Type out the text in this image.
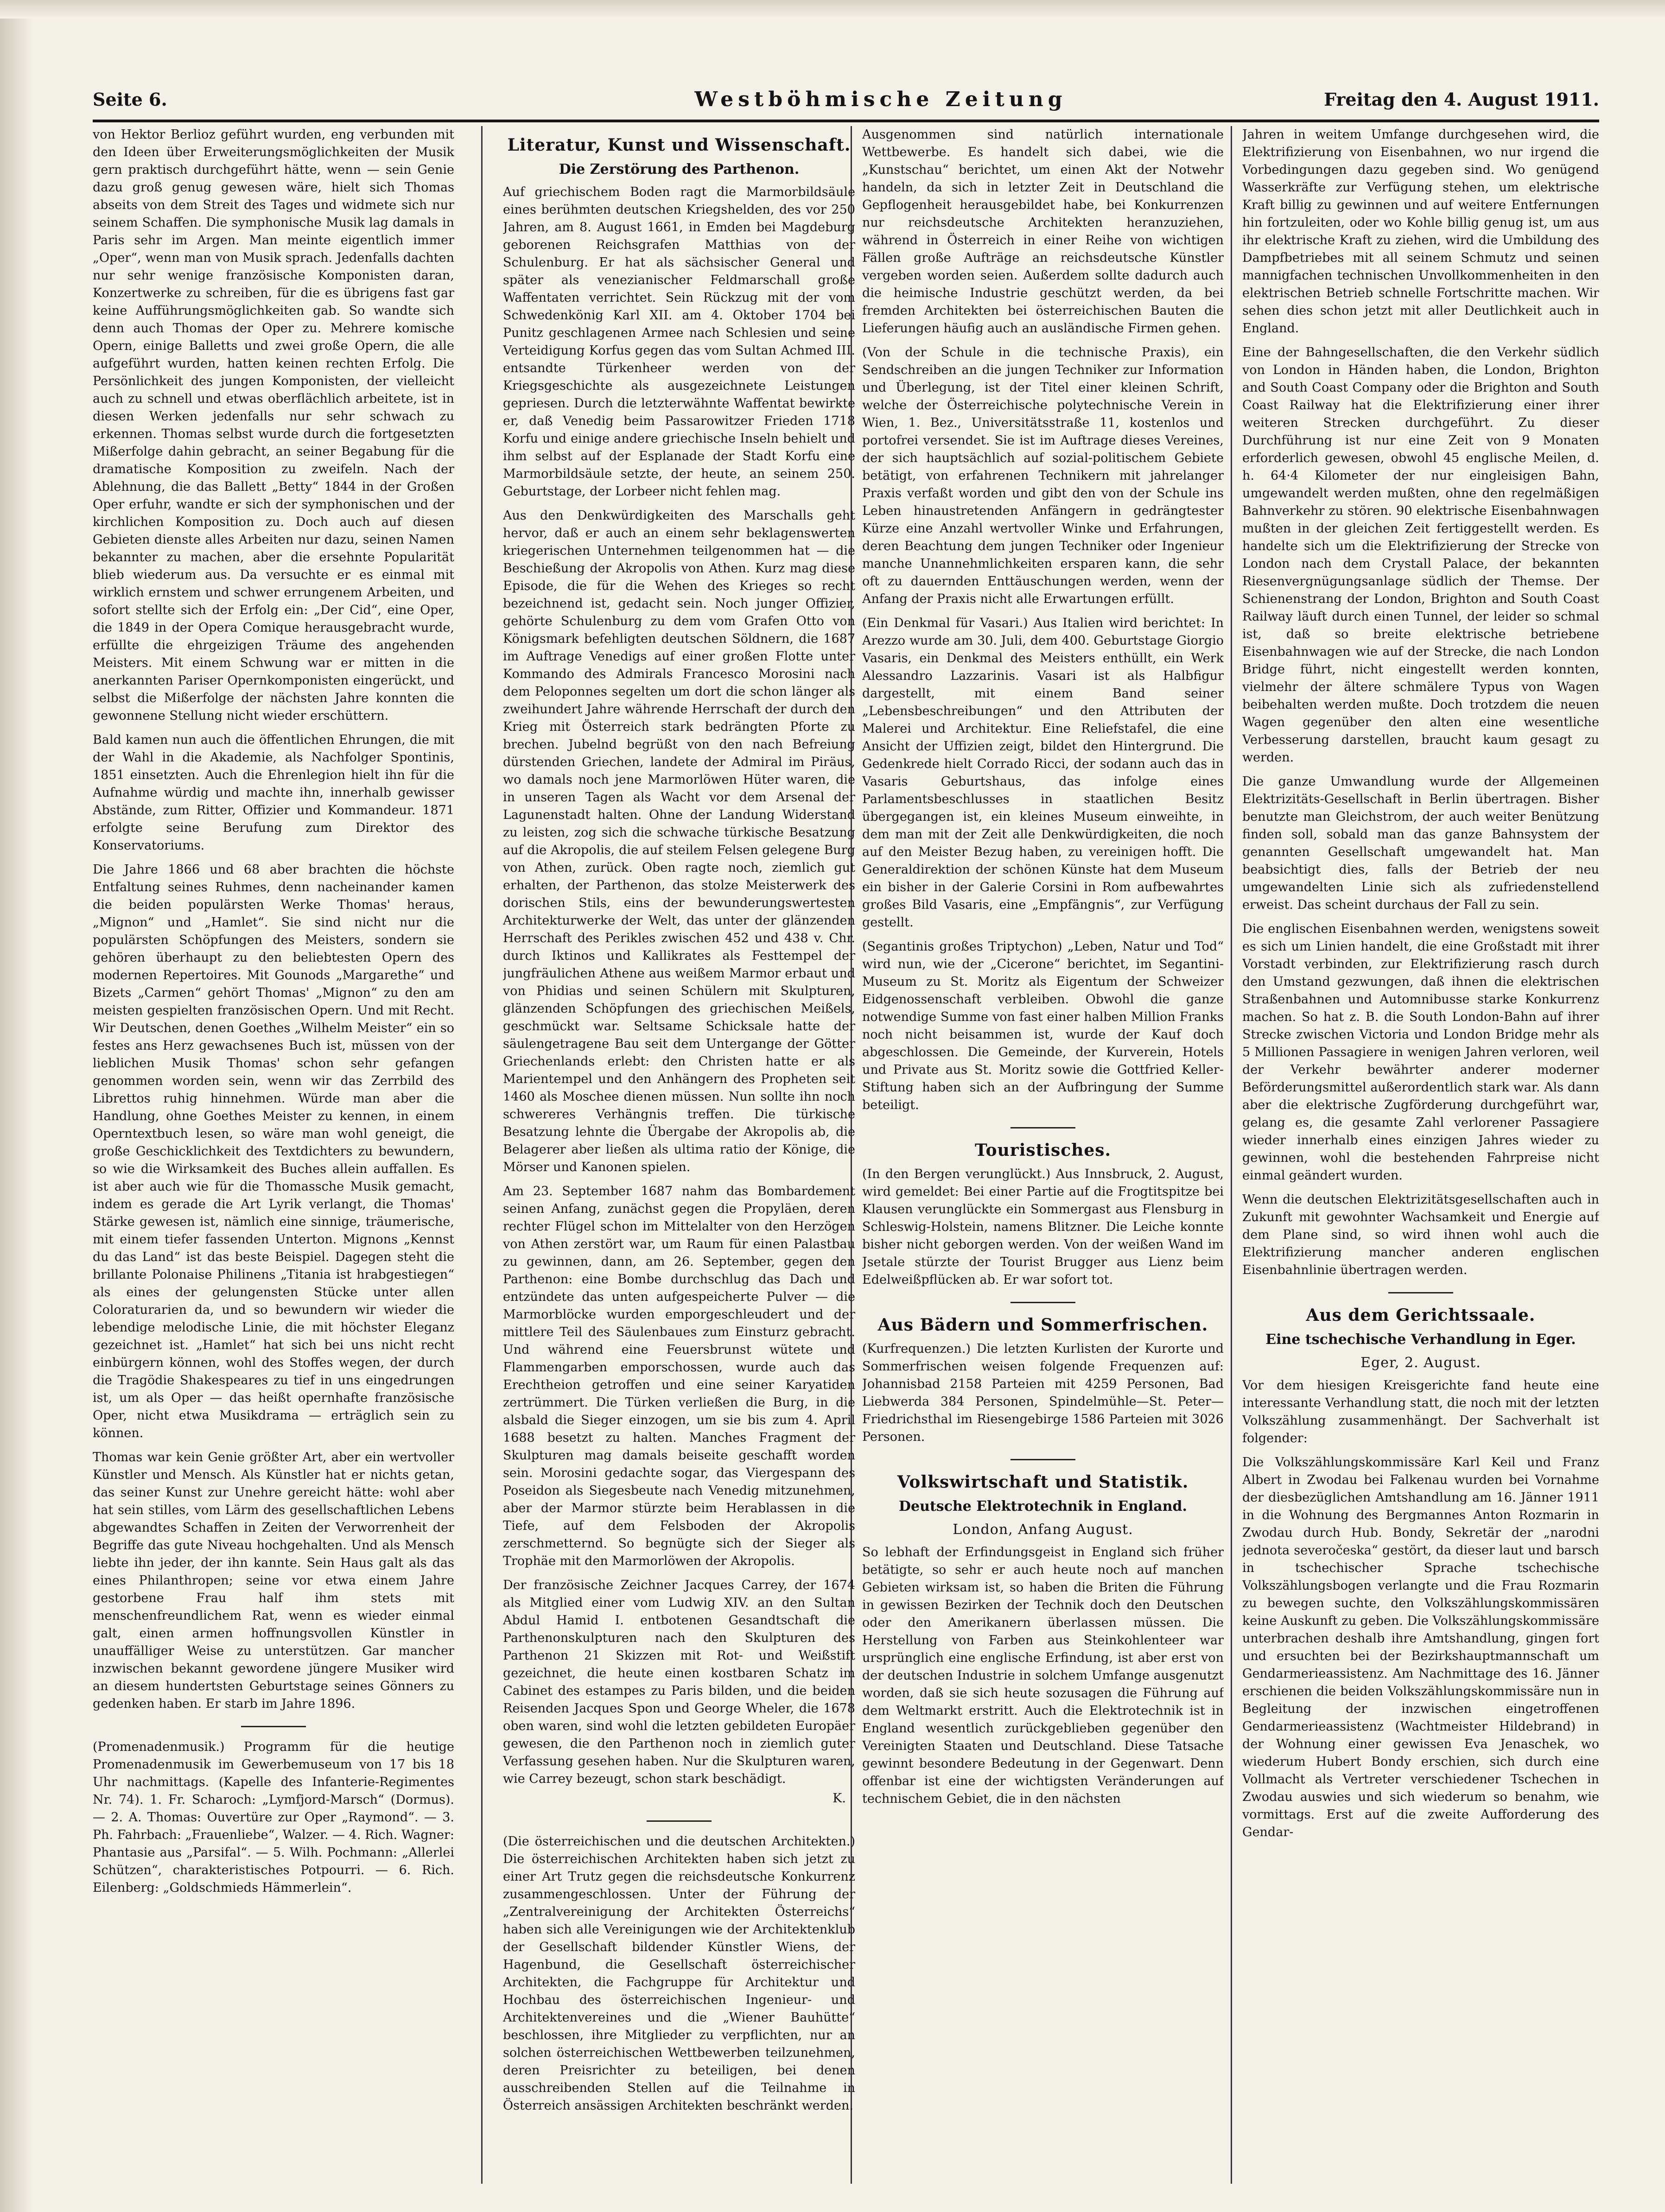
Seite 6.	Westböhmische Zeitung	Freitag den 4. August 1911.

von Hektor Berlioz geführt wurden, eng verbunden mit den Ideen über Erweiterungsmöglichkeiten der Musik gern praktisch durchgeführt hätte, wenn — sein Genie dazu groß genug gewesen wäre, hielt sich Thomas abseits von dem Streit des Tages und widmete sich nur seinem Schaffen. Die symphonische Musik lag damals in Paris sehr im Argen. Man meinte eigentlich immer „Oper“, wenn man von Musik sprach. Jedenfalls dachten nur sehr wenige französische Komponisten daran, Konzertwerke zu schreiben, für die es übrigens fast gar keine Aufführungsmöglichkeiten gab. So wandte sich denn auch Thomas der Oper zu. Mehrere komische Opern, einige Balletts und zwei große Opern, die alle aufgeführt wurden, hatten keinen rechten Erfolg. Die Persönlichkeit des jungen Komponisten, der vielleicht auch zu schnell und etwas oberflächlich arbeitete, ist in diesen Werken jedenfalls nur sehr schwach zu erkennen. Thomas selbst wurde durch die fortgesetzten Mißerfolge dahin gebracht, an seiner Begabung für die dramatische Komposition zu zweifeln. Nach der Ablehnung, die das Ballett „Betty“ 1844 in der Großen Oper erfuhr, wandte er sich der symphonischen und der kirchlichen Komposition zu. Doch auch auf diesen Gebieten dienste alles Arbeiten nur dazu, seinen Namen bekannter zu machen, aber die ersehnte Popularität blieb wiederum aus. Da versuchte er es einmal mit wirklich ernstem und schwer errungenem Arbeiten, und sofort stellte sich der Erfolg ein: „Der Cid“, eine Oper, die 1849 in der Opera Comique herausgebracht wurde, erfüllte die ehrgeizigen Träume des angehenden Meisters. Mit einem Schwung war er mitten in die anerkannten Pariser Opernkomponisten eingerückt, und selbst die Mißerfolge der nächsten Jahre konnten die gewonnene Stellung nicht wieder erschüttern.

Bald kamen nun auch die öffentlichen Ehrungen, die mit der Wahl in die Akademie, als Nachfolger Spontinis, 1851 einsetzten. Auch die Ehrenlegion hielt ihn für die Aufnahme würdig und machte ihn, innerhalb gewisser Abstände, zum Ritter, Offizier und Kommandeur. 1871 erfolgte seine Berufung zum Direktor des Konservatoriums.

Die Jahre 1866 und 68 aber brachten die höchste Entfaltung seines Ruhmes, denn nacheinander kamen die beiden populärsten Werke Thomas' heraus, „Mignon“ und „Hamlet“. Sie sind nicht nur die populärsten Schöpfungen des Meisters, sondern sie gehören überhaupt zu den beliebtesten Opern des modernen Repertoires. Mit Gounods „Margarethe“ und Bizets „Carmen“ gehört Thomas' „Mignon“ zu den am meisten gespielten französischen Opern. Und mit Recht. Wir Deutschen, denen Goethes „Wilhelm Meister“ ein so festes ans Herz gewachsenes Buch ist, müssen von der lieblichen Musik Thomas' schon sehr gefangen genommen worden sein, wenn wir das Zerrbild des Librettos ruhig hinnehmen. Würde man aber die Handlung, ohne Goethes Meister zu kennen, in einem Operntextbuch lesen, so wäre man wohl geneigt, die große Geschicklichkeit des Textdichters zu bewundern, so wie die Wirksamkeit des Buches allein auffallen. Es ist aber auch wie für die Thomassche Musik gemacht, indem es gerade die Art Lyrik verlangt, die Thomas' Stärke gewesen ist, nämlich eine sinnige, träumerische, mit einem tiefer fassenden Unterton. Mignons „Kennst du das Land“ ist das beste Beispiel. Dagegen steht die brillante Polonaise Philinens „Titania ist hrabgestiegen“ als eines der gelungensten Stücke unter allen Coloraturarien da, und so bewundern wir wieder die lebendige melodische Linie, die mit höchster Eleganz gezeichnet ist. „Hamlet“ hat sich bei uns nicht recht einbürgern können, wohl des Stoffes wegen, der durch die Tragödie Shakespeares zu tief in uns eingedrungen ist, um als Oper — das heißt opernhafte französische Oper, nicht etwa Musikdrama — erträglich sein zu können.

Thomas war kein Genie größter Art, aber ein wertvoller Künstler und Mensch. Als Künstler hat er nichts getan, das seiner Kunst zur Unehre gereicht hätte: wohl aber hat sein stilles, vom Lärm des gesellschaftlichen Lebens abgewandtes Schaffen in Zeiten der Verworrenheit der Begriffe das gute Niveau hochgehalten. Und als Mensch liebte ihn jeder, der ihn kannte. Sein Haus galt als das eines Philanthropen; seine vor etwa einem Jahre gestorbene Frau half ihm stets mit menschenfreundlichem Rat, wenn es wieder einmal galt, einen armen hoffnungsvollen Künstler in unauffälliger Weise zu unterstützen. Gar mancher inzwischen bekannt gewordene jüngere Musiker wird an diesem hundertsten Geburtstage seines Gönners zu gedenken haben. Er starb im Jahre 1896.

(Promenadenmusik.) Programm für die heutige Promenadenmusik im Gewerbemuseum von 17 bis 18 Uhr nachmittags. (Kapelle des Infanterie-Regimentes Nr. 74). 1. Fr. Scharoch: „Lymfjord-Marsch“ (Dormus). — 2. A. Thomas: Ouvertüre zur Oper „Raymond“. — 3. Ph. Fahrbach: „Frauenliebe“, Walzer. — 4. Rich. Wagner: Phantasie aus „Parsifal“. — 5. Wilh. Pochmann: „Allerlei Schützen“, charakteristisches Potpourri. — 6. Rich. Eilenberg: „Goldschmieds Hämmerlein“.

Literatur, Kunst und Wissenschaft.
Die Zerstörung des Parthenon.

Auf griechischem Boden ragt die Marmorbildsäule eines berühmten deutschen Kriegshelden, des vor 250 Jahren, am 8. August 1661, in Emden bei Magdeburg geborenen Reichsgrafen Matthias von der Schulenburg. Er hat als sächsischer General und später als venezianischer Feldmarschall große Waffentaten verrichtet. Sein Rückzug mit der vom Schwedenkönig Karl XII. am 4. Oktober 1704 bei Punitz geschlagenen Armee nach Schlesien und seine Verteidigung Korfus gegen das vom Sultan Achmed III. entsandte Türkenheer werden von der Kriegsgeschichte als ausgezeichnete Leistungen gepriesen. Durch die letzterwähnte Waffentat bewirkte er, daß Venedig beim Passarowitzer Frieden 1718 Korfu und einige andere griechische Inseln behielt und ihm selbst auf der Esplanade der Stadt Korfu eine Marmorbildsäule setzte, der heute, an seinem 250. Geburtstage, der Lorbeer nicht fehlen mag.

Aus den Denkwürdigkeiten des Marschalls geht hervor, daß er auch an einem sehr beklagenswerten kriegerischen Unternehmen teilgenommen hat — die Beschießung der Akropolis von Athen. Kurz mag diese Episode, die für die Wehen des Krieges so recht bezeichnend ist, gedacht sein. Noch junger Offizier, gehörte Schulenburg zu dem vom Grafen Otto von Königsmark befehligten deutschen Söldnern, die 1687 im Auftrage Venedigs auf einer großen Flotte unter Kommando des Admirals Francesco Morosini nach dem Peloponnes segelten um dort die schon länger als zweihundert Jahre währende Herrschaft der durch den Krieg mit Österreich stark bedrängten Pforte zu brechen. Jubelnd begrüßt von den nach Befreiung dürstenden Griechen, landete der Admiral im Piräus, wo damals noch jene Marmorlöwen Hüter waren, die in unseren Tagen als Wacht vor dem Arsenal der Lagunenstadt halten. Ohne der Landung Widerstand zu leisten, zog sich die schwache türkische Besatzung auf die Akropolis, die auf steilem Felsen gelegene Burg von Athen, zurück. Oben ragte noch, ziemlich gut erhalten, der Parthenon, das stolze Meisterwerk des dorischen Stils, eins der bewunderungswertesten Architekturwerke der Welt, das unter der glänzenden Herrschaft des Perikles zwischen 452 und 438 v. Chr. durch Iktinos und Kallikrates als Festtempel der jungfräulichen Athene aus weißem Marmor erbaut und von Phidias und seinen Schülern mit Skulpturen, glänzenden Schöpfungen des griechischen Meißels, geschmückt war. Seltsame Schicksale hatte der säulengetragene Bau seit dem Untergange der Götter Griechenlands erlebt: den Christen hatte er als Marientempel und den Anhängern des Propheten seit 1460 als Moschee dienen müssen. Nun sollte ihn noch schwereres Verhängnis treffen. Die türkische Besatzung lehnte die Übergabe der Akropolis ab, die Belagerer aber ließen als ultima ratio der Könige, die Mörser und Kanonen spielen.

Am 23. September 1687 nahm das Bombardement seinen Anfang, zunächst gegen die Propyläen, deren rechter Flügel schon im Mittelalter von den Herzögen von Athen zerstört war, um Raum für einen Palastbau zu gewinnen, dann, am 26. September, gegen den Parthenon: eine Bombe durchschlug das Dach und entzündete das unten aufgespeicherte Pulver — die Marmorblöcke wurden emporgeschleudert und der mittlere Teil des Säulenbaues zum Einsturz gebracht. Und während eine Feuersbrunst wütete und Flammengarben emporschossen, wurde auch das Erechtheion getroffen und eine seiner Karyatiden zertrümmert. Die Türken verließen die Burg, in die alsbald die Sieger einzogen, um sie bis zum 4. April 1688 besetzt zu halten. Manches Fragment der Skulpturen mag damals beiseite geschafft worden sein. Morosini gedachte sogar, das Viergespann des Poseidon als Siegesbeute nach Venedig mitzunehmen, aber der Marmor stürzte beim Herablassen in die Tiefe, auf dem Felsboden der Akropolis zerschmetternd. So begnügte sich der Sieger als Trophäe mit den Marmorlöwen der Akropolis.

Der französische Zeichner Jacques Carrey, der 1674 als Mitglied einer vom Ludwig XIV. an den Sultan Abdul Hamid I. entbotenen Gesandtschaft die Parthenonskulpturen nach den Skulpturen des Parthenon 21 Skizzen mit Rot- und Weißstift gezeichnet, die heute einen kostbaren Schatz im Cabinet des estampes zu Paris bilden, und die beiden Reisenden Jacques Spon und George Wheler, die 1678 oben waren, sind wohl die letzten gebildeten Europäer gewesen, die den Parthenon noch in ziemlich guter Verfassung gesehen haben. Nur die Skulpturen waren, wie Carrey bezeugt, schon stark beschädigt.

K.

(Die österreichischen und die deutschen Architekten.) Die österreichischen Architekten haben sich jetzt zu einer Art Trutz gegen die reichsdeutsche Konkurrenz zusammengeschlossen. Unter der Führung der „Zentralvereinigung der Architekten Österreichs“ haben sich alle Vereinigungen wie der Architektenklub der Gesellschaft bildender Künstler Wiens, der Hagenbund, die Gesellschaft österreichischer Architekten, die Fachgruppe für Architektur und Hochbau des österreichischen Ingenieur- und Architektenvereines und die „Wiener Bauhütte“ beschlossen, ihre Mitglieder zu verpflichten, nur an solchen österreichischen Wettbewerben teilzunehmen, deren Preisrichter zu beteiligen, bei denen ausschreibenden Stellen auf die Teilnahme in Österreich ansässigen Architekten beschränkt werden.

Ausgenommen sind natürlich internationale Wettbewerbe. Es handelt sich dabei, wie die „Kunstschau“ berichtet, um einen Akt der Notwehr handeln, da sich in letzter Zeit in Deutschland die Gepflogenheit herausgebildet habe, bei Konkurrenzen nur reichsdeutsche Architekten heranzuziehen, während in Österreich in einer Reihe von wichtigen Fällen große Aufträge an reichsdeutsche Künstler vergeben worden seien. Außerdem sollte dadurch auch die heimische Industrie geschützt werden, da bei fremden Architekten bei österreichischen Bauten die Lieferungen häufig auch an ausländische Firmen gehen.

(Von der Schule in die technische Praxis), ein Sendschreiben an die jungen Techniker zur Information und Überlegung, ist der Titel einer kleinen Schrift, welche der Österreichische polytechnische Verein in Wien, 1. Bez., Universitätsstraße 11, kostenlos und portofrei versendet. Sie ist im Auftrage dieses Vereines, der sich hauptsächlich auf sozial-politischem Gebiete betätigt, von erfahrenen Technikern mit jahrelanger Praxis verfaßt worden und gibt den von der Schule ins Leben hinaustretenden Anfängern in gedrängtester Kürze eine Anzahl wertvoller Winke und Erfahrungen, deren Beachtung dem jungen Techniker oder Ingenieur manche Unannehmlichkeiten ersparen kann, die sehr oft zu dauernden Enttäuschungen werden, wenn der Anfang der Praxis nicht alle Erwartungen erfüllt.

(Ein Denkmal für Vasari.) Aus Italien wird berichtet: In Arezzo wurde am 30. Juli, dem 400. Geburtstage Giorgio Vasaris, ein Denkmal des Meisters enthüllt, ein Werk Alessandro Lazzarinis. Vasari ist als Halbfigur dargestellt, mit einem Band seiner „Lebensbeschreibungen“ und den Attributen der Malerei und Architektur. Eine Reliefstafel, die eine Ansicht der Uffizien zeigt, bildet den Hintergrund. Die Gedenkrede hielt Corrado Ricci, der sodann auch das in Vasaris Geburtshaus, das infolge eines Parlamentsbeschlusses in staatlichen Besitz übergegangen ist, ein kleines Museum einweihte, in dem man mit der Zeit alle Denkwürdigkeiten, die noch auf den Meister Bezug haben, zu vereinigen hofft. Die Generaldirektion der schönen Künste hat dem Museum ein bisher in der Galerie Corsini in Rom aufbewahrtes großes Bild Vasaris, eine „Empfängnis“, zur Verfügung gestellt.

(Segantinis großes Triptychon) „Leben, Natur und Tod“ wird nun, wie der „Cicerone“ berichtet, im Segantini-Museum zu St. Moritz als Eigentum der Schweizer Eidgenossenschaft verbleiben. Obwohl die ganze notwendige Summe von fast einer halben Million Franks noch nicht beisammen ist, wurde der Kauf doch abgeschlossen. Die Gemeinde, der Kurverein, Hotels und Private aus St. Moritz sowie die Gottfried Keller-Stiftung haben sich an der Aufbringung der Summe beteiligt.

Touristisches.

(In den Bergen verunglückt.) Aus Innsbruck, 2. August, wird gemeldet: Bei einer Partie auf die Frogtitspitze bei Klausen verunglückte ein Sommergast aus Flensburg in Schleswig-Holstein, namens Blitzner. Die Leiche konnte bisher nicht geborgen werden. Von der weißen Wand im Jsetale stürzte der Tourist Brugger aus Lienz beim Edelweißpflücken ab. Er war sofort tot.

Aus Bädern und Sommerfrischen.

(Kurfrequenzen.) Die letzten Kurlisten der Kurorte und Sommerfrischen weisen folgende Frequenzen auf: Johannisbad 2158 Parteien mit 4259 Personen, Bad Liebwerda 384 Personen, Spindelmühle—St. Peter—Friedrichsthal im Riesengebirge 1586 Parteien mit 3026 Personen.

Volkswirtschaft und Statistik.
Deutsche Elektrotechnik in England.
London, Anfang August.

So lebhaft der Erfindungsgeist in England sich früher betätigte, so sehr er auch heute noch auf manchen Gebieten wirksam ist, so haben die Briten die Führung in gewissen Bezirken der Technik doch den Deutschen oder den Amerikanern überlassen müssen. Die Herstellung von Farben aus Steinkohlenteer war ursprünglich eine englische Erfindung, ist aber erst von der deutschen Industrie in solchem Umfange ausgenutzt worden, daß sie sich heute sozusagen die Führung auf dem Weltmarkt erstritt. Auch die Elektrotechnik ist in England wesentlich zurückgeblieben gegenüber den Vereinigten Staaten und Deutschland. Diese Tatsache gewinnt besondere Bedeutung in der Gegenwart. Denn offenbar ist eine der wichtigsten Veränderungen auf technischem Gebiet, die in den nächsten

Jahren in weitem Umfange durchgesehen wird, die Elektrifizierung von Eisenbahnen, wo nur irgend die Vorbedingungen dazu gegeben sind. Wo genügend Wasserkräfte zur Verfügung stehen, um elektrische Kraft billig zu gewinnen und auf weitere Entfernungen hin fortzuleiten, oder wo Kohle billig genug ist, um aus ihr elektrische Kraft zu ziehen, wird die Umbildung des Dampfbetriebes mit all seinem Schmutz und seinen mannigfachen technischen Unvollkommenheiten in den elektrischen Betrieb schnelle Fortschritte machen. Wir sehen dies schon jetzt mit aller Deutlichkeit auch in England.

Eine der Bahngesellschaften, die den Verkehr südlich von London in Händen haben, die London, Brighton and South Coast Company oder die Brighton and South Coast Railway hat die Elektrifizierung einer ihrer weiteren Strecken durchgeführt. Zu dieser Durchführung ist nur eine Zeit von 9 Monaten erforderlich gewesen, obwohl 45 englische Meilen, d. h. 64·4 Kilometer der nur eingleisigen Bahn, umgewandelt werden mußten, ohne den regelmäßigen Bahnverkehr zu stören. 90 elektrische Eisenbahnwagen mußten in der gleichen Zeit fertiggestellt werden. Es handelte sich um die Elektrifizierung der Strecke von London nach dem Crystall Palace, der bekannten Riesenvergnügungsanlage südlich der Themse. Der Schienenstrang der London, Brighton and South Coast Railway läuft durch einen Tunnel, der leider so schmal ist, daß so breite elektrische betriebene Eisenbahnwagen wie auf der Strecke, die nach London Bridge führt, nicht eingestellt werden konnten, vielmehr der ältere schmälere Typus von Wagen beibehalten werden mußte. Doch trotzdem die neuen Wagen gegenüber den alten eine wesentliche Verbesserung darstellen, braucht kaum gesagt zu werden.

Die ganze Umwandlung wurde der Allgemeinen Elektrizitäts-Gesellschaft in Berlin übertragen. Bisher benutzte man Gleichstrom, der auch weiter Benützung finden soll, sobald man das ganze Bahnsystem der genannten Gesellschaft umgewandelt hat. Man beabsichtigt dies, falls der Betrieb der neu umgewandelten Linie sich als zufriedenstellend erweist. Das scheint durchaus der Fall zu sein.

Die englischen Eisenbahnen werden, wenigstens soweit es sich um Linien handelt, die eine Großstadt mit ihrer Vorstadt verbinden, zur Elektrifizierung rasch durch den Umstand gezwungen, daß ihnen die elektrischen Straßenbahnen und Automnibusse starke Konkurrenz machen. So hat z. B. die South London-Bahn auf ihrer Strecke zwischen Victoria und London Bridge mehr als 5 Millionen Passagiere in wenigen Jahren verloren, weil der Verkehr bewährter anderer moderner Beförderungsmittel außerordentlich stark war. Als dann aber die elektrische Zugförderung durchgeführt war, gelang es, die gesamte Zahl verlorener Passagiere wieder innerhalb eines einzigen Jahres wieder zu gewinnen, wohl die bestehenden Fahrpreise nicht einmal geändert wurden.

Wenn die deutschen Elektrizitätsgesellschaften auch in Zukunft mit gewohnter Wachsamkeit und Energie auf dem Plane sind, so wird ihnen wohl auch die Elektrifizierung mancher anderen englischen Eisenbahnlinie übertragen werden.

Aus dem Gerichtssaale.
Eine tschechische Verhandlung in Eger.
Eger, 2. August.

Vor dem hiesigen Kreisgerichte fand heute eine interessante Verhandlung statt, die noch mit der letzten Volkszählung zusammenhängt. Der Sachverhalt ist folgender:

Die Volkszählungskommissäre Karl Keil und Franz Albert in Zwodau bei Falkenau wurden bei Vornahme der diesbezüglichen Amtshandlung am 16. Jänner 1911 in die Wohnung des Bergmannes Anton Rozmarin in Zwodau durch Hub. Bondy, Sekretär der „narodni jednota severočeska“ gestört, da dieser laut und barsch in tschechischer Sprache tschechische Volkszählungsbogen verlangte und die Frau Rozmarin zu bewegen suchte, den Volkszählungskommissären keine Auskunft zu geben. Die Volkszählungskommissäre unterbrachen deshalb ihre Amtshandlung, gingen fort und ersuchten bei der Bezirkshauptmannschaft um Gendarmerieassistenz. Am Nachmittage des 16. Jänner erschienen die beiden Volkszählungskommissäre nun in Begleitung der inzwischen eingetroffenen Gendarmerieassistenz (Wachtmeister Hildebrand) in der Wohnung einer gewissen Eva Jenaschek, wo wiederum Hubert Bondy erschien, sich durch eine Vollmacht als Vertreter verschiedener Tschechen in Zwodau auswies und sich wiederum so benahm, wie vormittags. Erst auf die zweite Aufforderung des Gendar-
